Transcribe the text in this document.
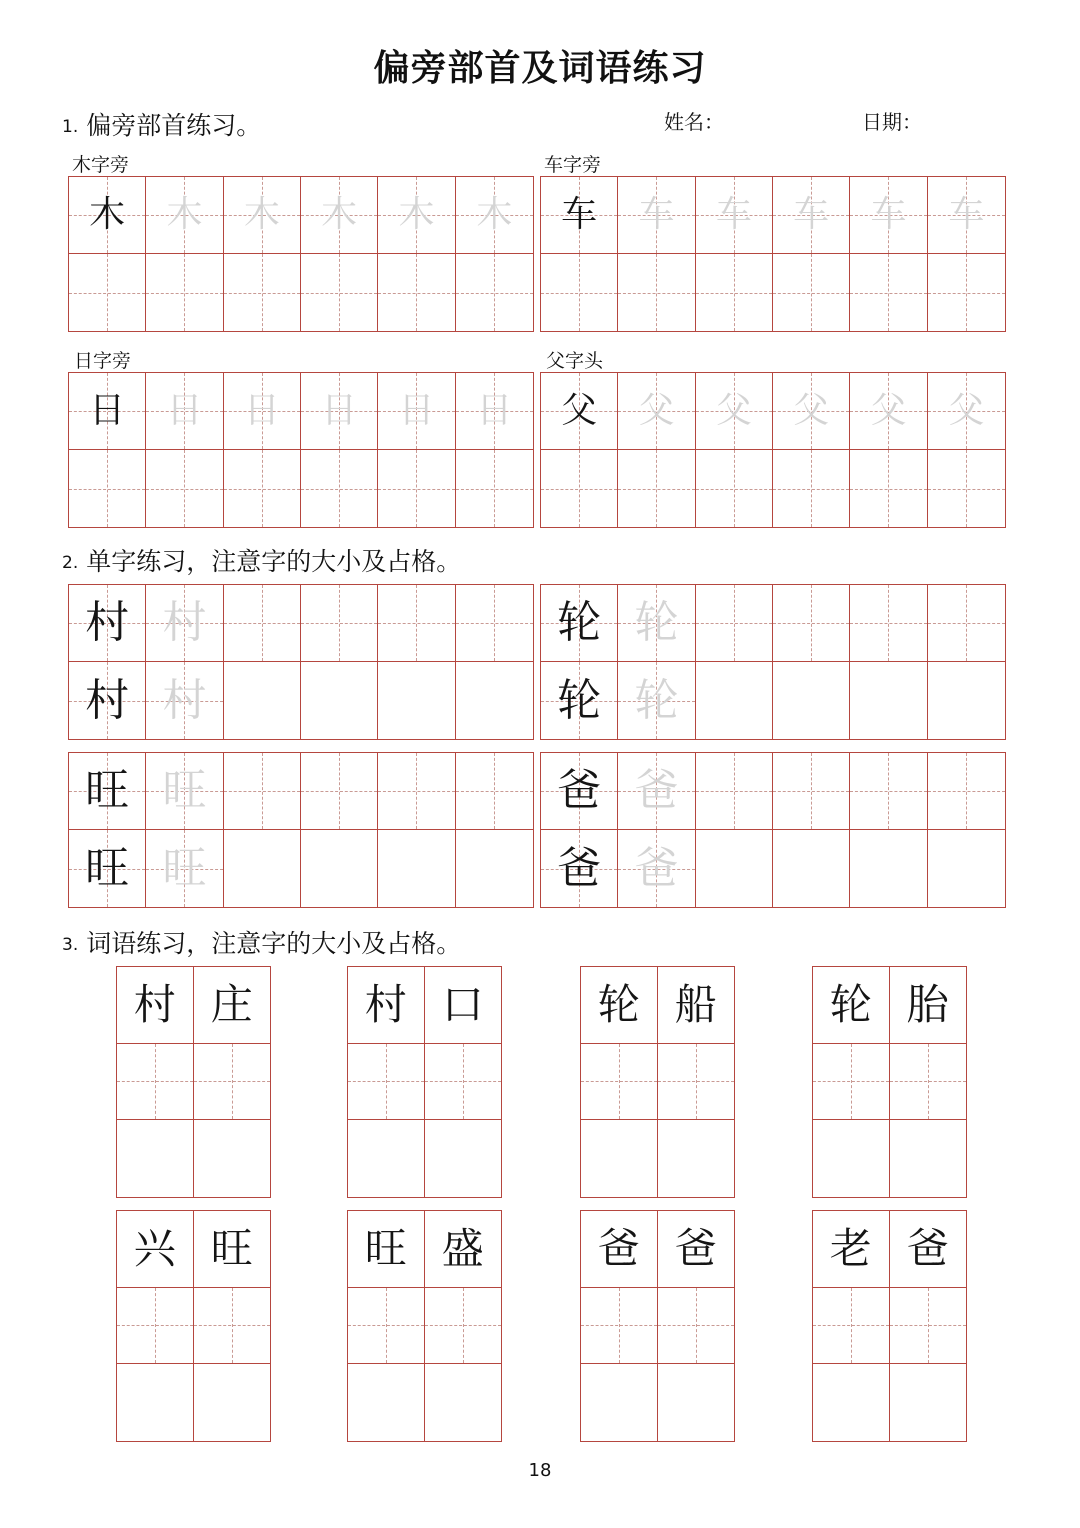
偏旁部首及词语练习
1. 偏旁部首练习。	姓名：	日期：
木字旁	车字旁
日字旁	父字头
木 木 木 木 木 木 车 车 车 车 车 车
日 日 日 日 日 日 父 父 父 父 父 父
2. 单字练习，注意字的大小及占格。
村 村
村 村
轮 轮
轮 轮
旺 旺
旺 旺
爸 爸
爸 爸
3. 词语练习，注意字的大小及占格。
村 庄	村 口	轮 船	轮 胎
兴 旺	旺 盛	爸 爸	老 爸
18
